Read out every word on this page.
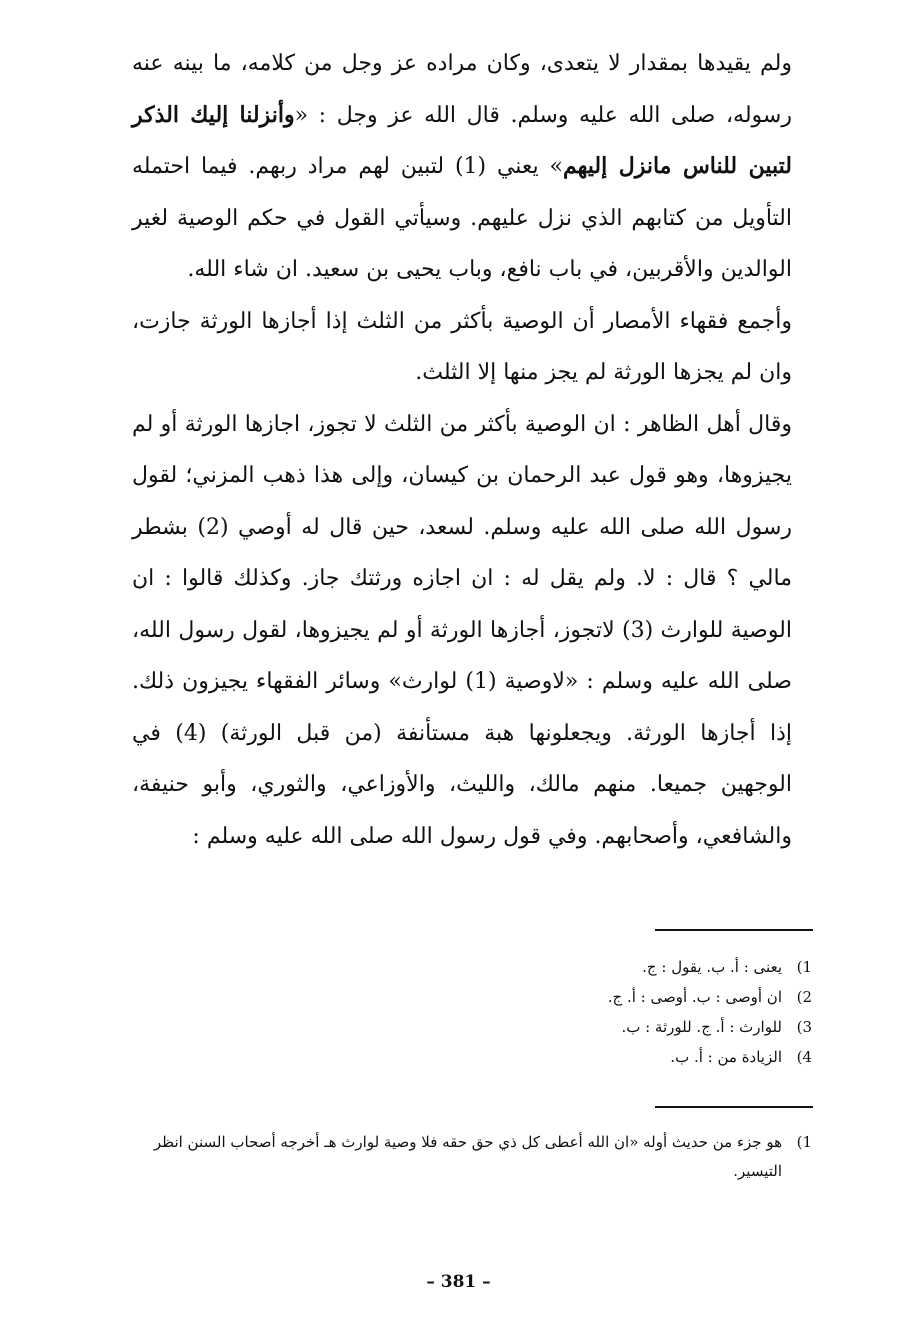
ولم يقيدها بمقدار لا يتعدى، وكان مراده عز وجل من كلامه، ما بينه عنه رسوله، صلى الله عليه وسلم. قال الله عز وجل : «وأنزلنا إليك الذكر لتبين للناس مانزل إليهم» يعني (1) لتبين لهم مراد ربهم. فيما احتمله التأويل من كتابهم الذي نزل عليهم. وسيأتي القول في حكم الوصية لغير الوالدين والأقربين، في باب نافع، وباب يحيى بن سعيد. ان شاء الله.

وأجمع فقهاء الأمصار أن الوصية بأكثر من الثلث إذا أجازها الورثة جازت، وان لم يجزها الورثة لم يجز منها إلا الثلث.

وقال أهل الظاهر : ان الوصية بأكثر من الثلث لا تجوز، اجازها الورثة أو لم يجيزوها، وهو قول عبد الرحمان بن كيسان، وإلى هذا ذهب المزني؛ لقول رسول الله صلى الله عليه وسلم. لسعد، حين قال له أوصي (2) بشطر مالي ؟ قال : لا. ولم يقل له : ان اجازه ورثتك جاز. وكذلك قالوا : ان الوصية للوارث (3) لاتجوز، أجازها الورثة أو لم يجيزوها، لقول رسول الله، صلى الله عليه وسلم : «لاوصية (1) لوارث» وسائر الفقهاء يجيزون ذلك. إذا أجازها الورثة. ويجعلونها هبة مستأنفة (من قبل الورثة) (4) في الوجهين جميعا. منهم مالك، والليث، والأوزاعي، والثوري، وأبو حنيفة، والشافعي، وأصحابهم. وفي قول رسول الله صلى الله عليه وسلم :

1)
يعنى : أ. ب. يقول : ج.
2)
ان أوصى : ب. أوصى : أ. ج.
3)
للوارث : أ. ج. للورثة : ب.
4)
الزيادة من : أ. ب.
1)
هو جزء من حديث أوله «ان الله أعطى كل ذي حق حقه فلا وصية لوارث هـ أخرجه أصحاب السنن انظر التيسير.
– 381 –
